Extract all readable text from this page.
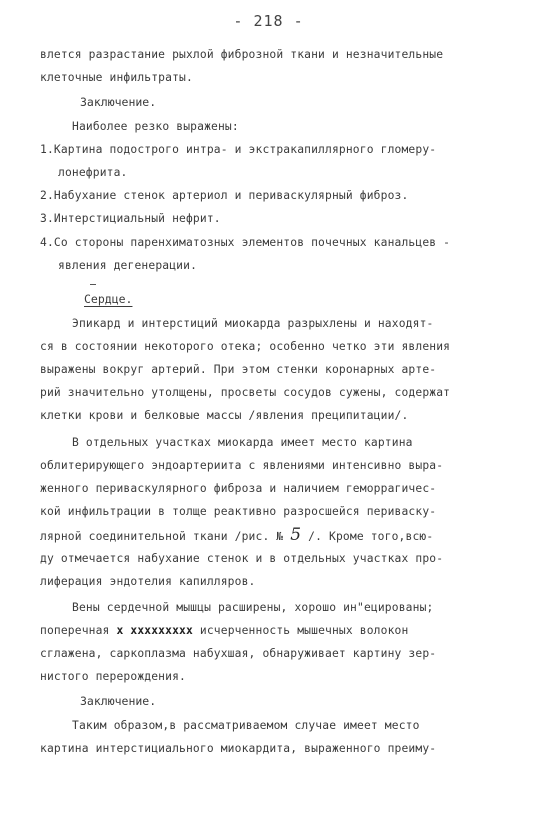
- 218 -
влется разрастание рыхлой фиброзной ткани и незначительные
клеточные инфильтраты.
Заключение.
Наиболее резко выражены:
1.Картина подострого интра- и экстракапиллярного гломеру-
лонефрита.
2.Набухание стенок артериол и периваскулярный фиброз.
3.Интерстициальный нефрит.
4.Со стороны паренхиматозных элементов почечных канальцев -
явления дегенерации.
Сердце.
Эпикард и интерстиций миокарда разрыхлены и находят-
ся в состоянии некоторого отека; особенно четко эти явления
выражены вокруг артерий. При этом стенки коронарных арте-
рий значительно утолщены, просветы сосудов сужены, содержат
клетки крови и белковые массы /явления преципитации/.
В отдельных участках миокарда имеет место картина
облитерирующего эндоартериита с явлениями интенсивно выра-
женного периваскулярного фиброза и наличием геморрагичес-
кой инфильтрации в толще реактивно разросшейся периваску-
лярной соединительной ткани /рис. № 5 /. Кроме того,всю-
ду отмечается набухание стенок и в отдельных участках про-
лиферация эндотелия капилляров.
Вены сердечной мышцы расширены, хорошо ин"ецированы;
поперечная x xxxxxxxxx исчерченность мышечных волокон
сглажена, саркоплазма набухшая, обнаруживает картину зер-
нистого перерождения.
Заключение.
Таким образом,в рассматриваемом случае имеет место
картина интерстициального миокардита, выраженного преиму-
